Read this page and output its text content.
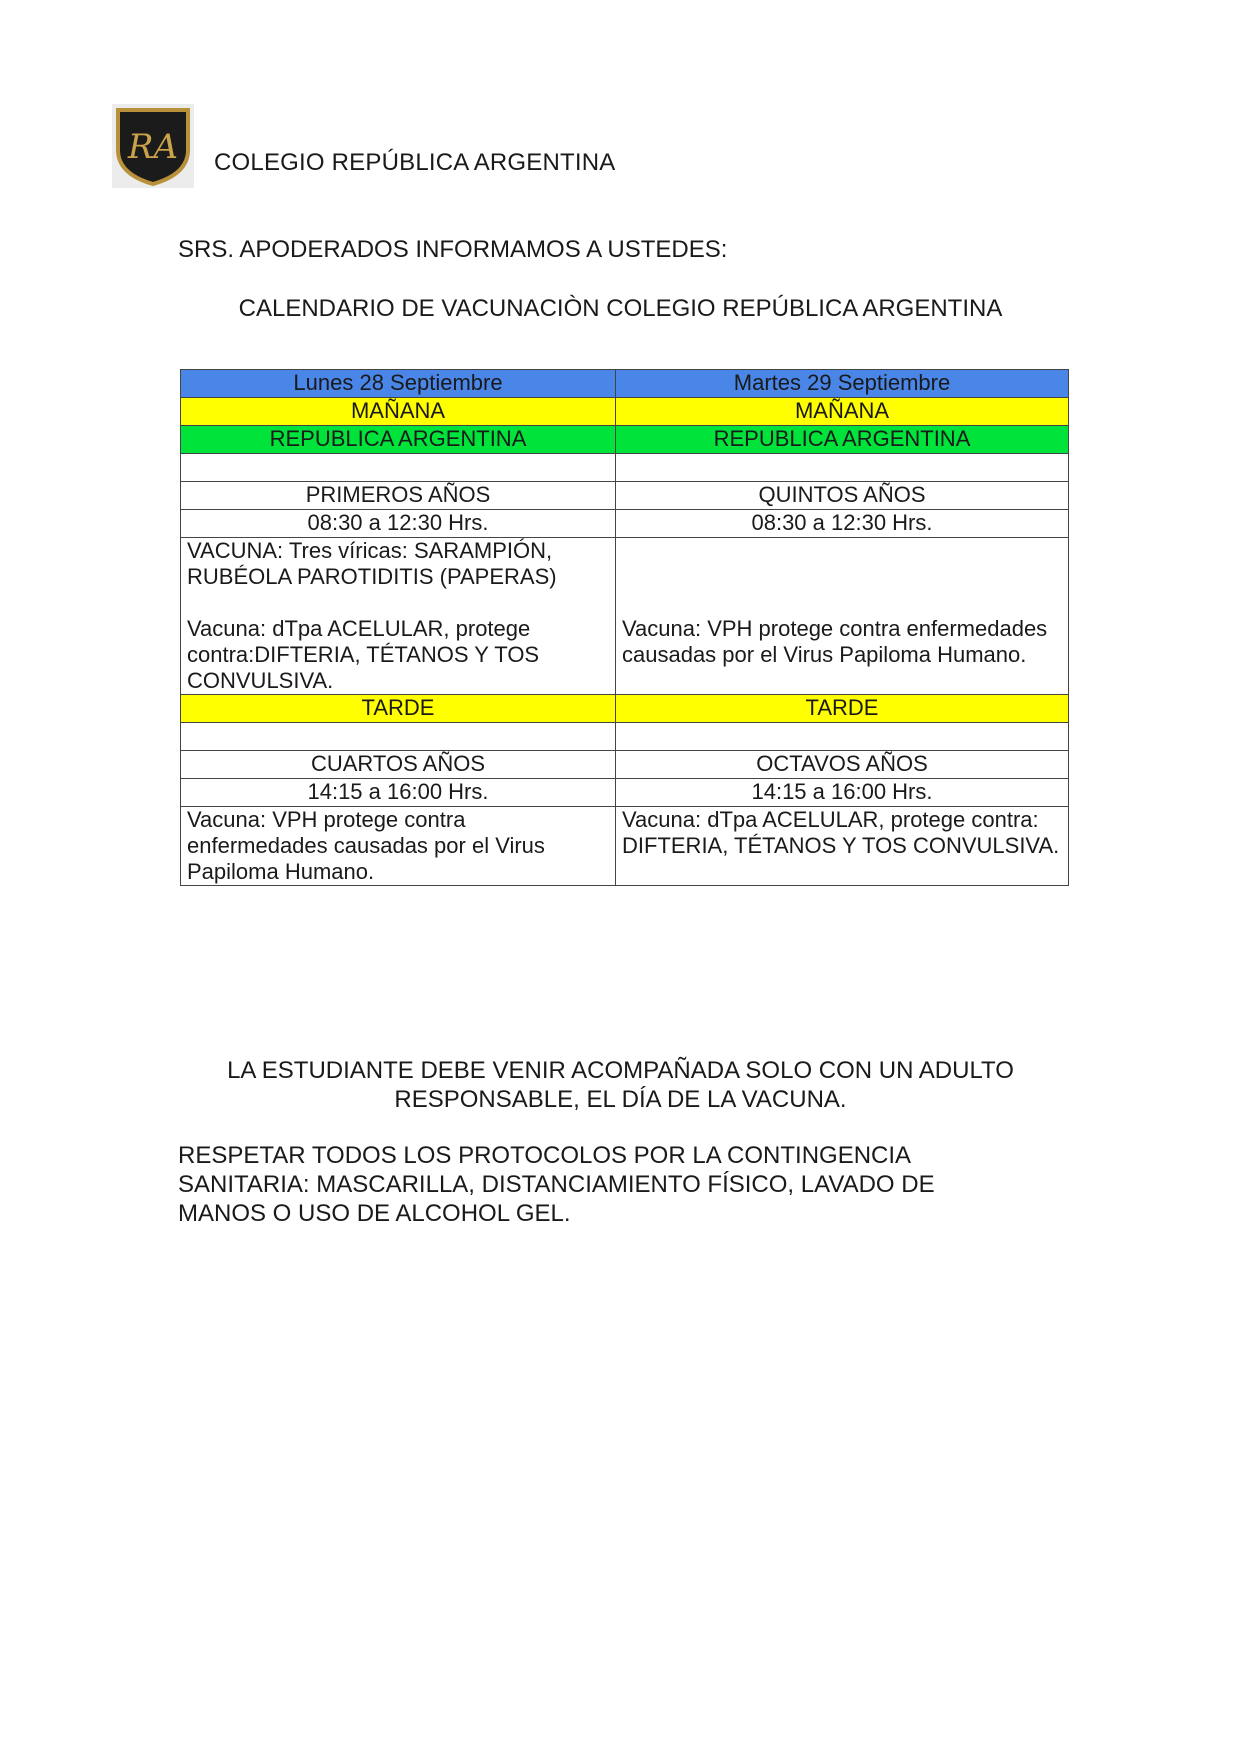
RA COLEGIO REPÚBLICA ARGENTINA
SRS. APODERADOS INFORMAMOS A USTEDES:
CALENDARIO DE VACUNACIÒN COLEGIO REPÚBLICA ARGENTINA
Lunes 28 Septiembre	Martes 29 Septiembre
MAÑANA	MAÑANA
REPUBLICA ARGENTINA	REPUBLICA ARGENTINA

PRIMEROS AÑOS	QUINTOS AÑOS
08:30 a 12:30 Hrs.	08:30 a 12:30 Hrs.

VACUNA: Tres víricas: SARAMPIÓN, RUBÉOLA PAROTIDITIS (PAPERAS)
Vacuna: dTpa ACELULAR, protege contra:DIFTERIA, TÉTANOS Y TOS CONVULSIVA.	Vacuna: VPH protege contra enfermedades causadas por el Virus Papiloma Humano.

TARDE	TARDE

CUARTOS AÑOS	OCTAVOS AÑOS
14:15 a 16:00 Hrs.	14:15 a 16:00 Hrs.
Vacuna: VPH protege contra enfermedades causadas por el Virus Papiloma Humano.	Vacuna: dTpa ACELULAR, protege contra: DIFTERIA, TÉTANOS Y TOS CONVULSIVA.
LA ESTUDIANTE DEBE VENIR ACOMPAÑADA SOLO CON UN ADULTO RESPONSABLE, EL DÍA DE LA VACUNA.
RESPETAR TODOS LOS PROTOCOLOS POR LA CONTINGENCIA SANITARIA: MASCARILLA, DISTANCIAMIENTO FÍSICO, LAVADO DE MANOS O USO DE ALCOHOL GEL.
